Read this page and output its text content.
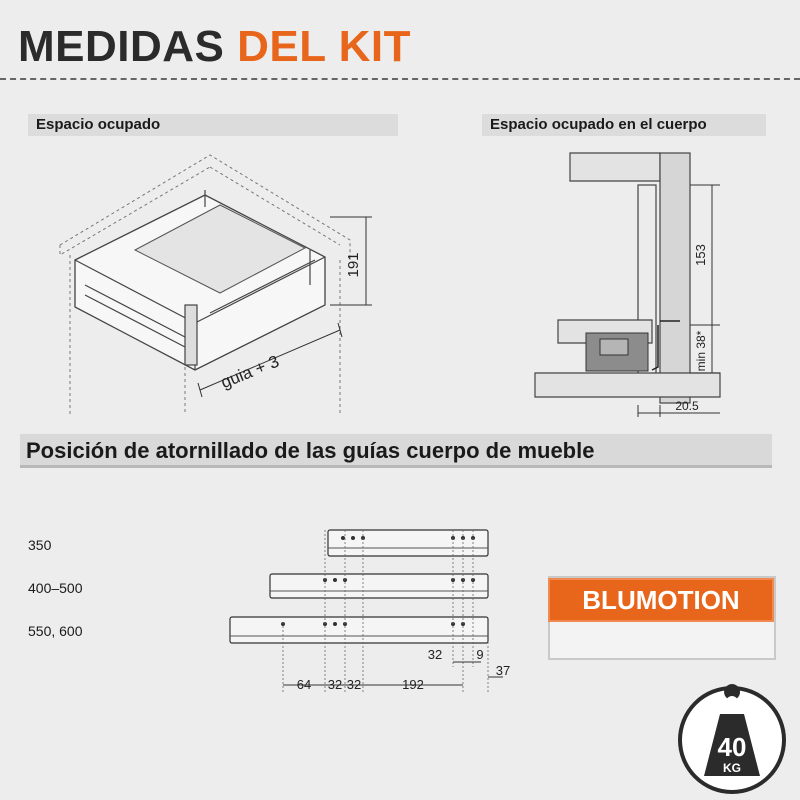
MEDIDAS DEL KIT
Espacio ocupado	Espacio ocupado en el cuerpo
Posición de atornillado de las guías cuerpo de mueble
191
guia + 3
153
min 38*
20.5
350
400–500
550, 600
64 32 32	192
32	9
37
BLUMOTION
40
KG
